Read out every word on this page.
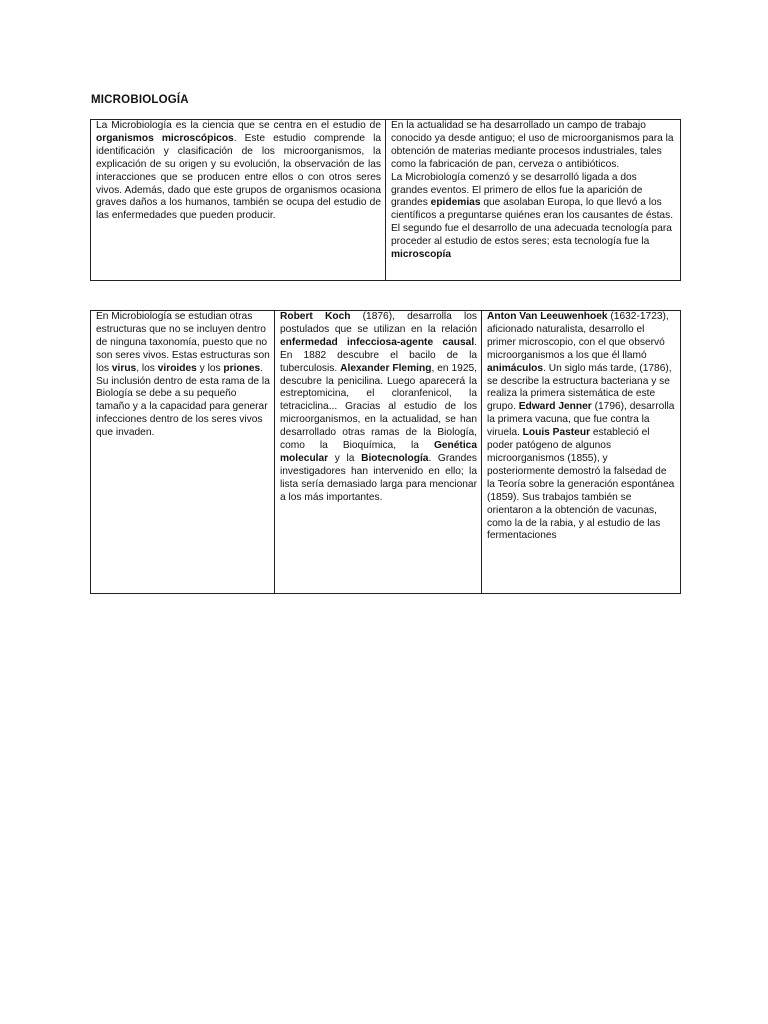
MICROBIOLOGÍA
La Microbiología es la ciencia que se centra en el estudio de organismos microscópicos. Este estudio comprende la identificación y clasificación de los microorganismos, la explicación de su origen y su evolución, la observación de las interacciones que se producen entre ellos o con otros seres vivos. Además, dado que este grupos de organismos ocasiona graves daños a los humanos, también se ocupa del estudio de las enfermedades que pueden producir.

En la actualidad se ha desarrollado un campo de trabajo conocido ya desde antiguo; el uso de microorganismos para la obtención de materias mediante procesos industriales, tales como la fabricación de pan, cerveza o antibióticos.
La Microbiología comenzó y se desarrolló ligada a dos grandes eventos. El primero de ellos fue la aparición de grandes epidemias que asolaban Europa, lo que llevó a los científicos a preguntarse quiénes eran los causantes de éstas. El segundo fue el desarrollo de una adecuada tecnología para proceder al estudio de estos seres; esta tecnología fue la microscopía
En Microbiología se estudian otras estructuras que no se incluyen dentro de ninguna taxonomía, puesto que no son seres vivos. Estas estructuras son los virus, los viroides y los priones. Su inclusión dentro de esta rama de la Biología se debe a su pequeño tamaño y a la capacidad para generar infecciones dentro de los seres vivos que invaden.

Robert Koch (1876), desarrolla los postulados que se utilizan en la relación enfermedad infecciosa-agente causal. En 1882 descubre el bacilo de la tuberculosis. Alexander Fleming, en 1925, descubre la penicilina. Luego aparecerá la estreptomicina, el cloranfenicol, la tetraciclina... Gracias al estudio de los microorganismos, en la actualidad, se han desarrollado otras ramas de la Biología, como la Bioquímica, la Genética molecular y la Biotecnología. Grandes investigadores han intervenido en ello; la lista sería demasiado larga para mencionar a los más importantes.

Anton Van Leeuwenhoek (1632-1723), aficionado naturalista, desarrollo el primer microscopio, con el que observó microorganismos a los que él llamó animáculos. Un siglo más tarde, (1786), se describe la estructura bacteriana y se realiza la primera sistemática de este grupo. Edward Jenner (1796), desarrolla la primera vacuna, que fue contra la viruela. Louis Pasteur estableció el poder patógeno de algunos microorganismos (1855), y posteriormente demostró la falsedad de la Teoría sobre la generación espontánea (1859). Sus trabajos también se orientaron a la obtención de vacunas, como la de la rabia, y al estudio de las fermentaciones
